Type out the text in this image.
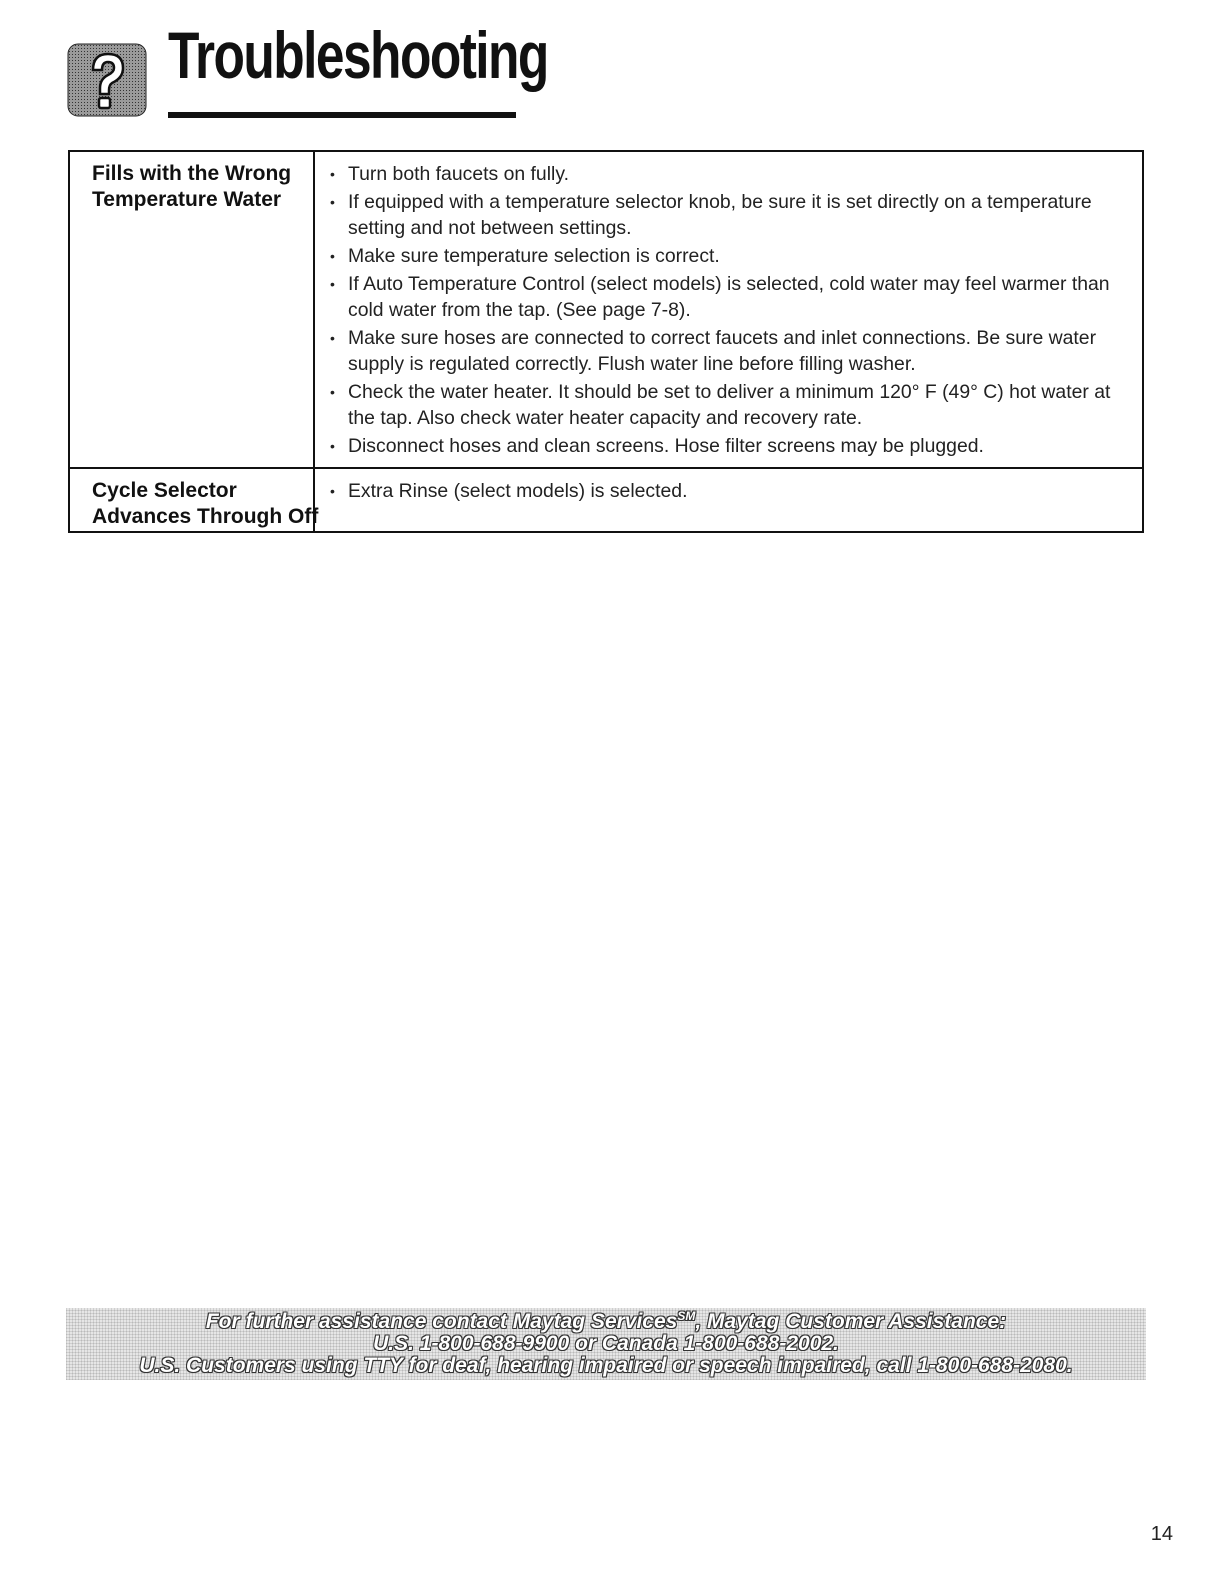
Troubleshooting
Fills with the Wrong
Temperature Water
• Turn both faucets on fully.
• If equipped with a temperature selector knob, be sure it is set directly on a temperature setting and not between settings.
• Make sure temperature selection is correct.
• If Auto Temperature Control (select models) is selected, cold water may feel warmer than cold water from the tap. (See page 7-8).
• Make sure hoses are connected to correct faucets and inlet connections. Be sure water supply is regulated correctly. Flush water line before filling washer.
• Check the water heater. It should be set to deliver a minimum 120° F (49° C) hot water at the tap. Also check water heater capacity and recovery rate.
• Disconnect hoses and clean screens. Hose filter screens may be plugged.
Cycle Selector
Advances Through Off
• Extra Rinse (select models) is selected.
For further assistance contact Maytag Services℠, Maytag Customer Assistance:
U.S. 1-800-688-9900 or Canada 1-800-688-2002.
U.S. Customers using TTY for deaf, hearing impaired or speech impaired, call 1-800-688-2080.
14
